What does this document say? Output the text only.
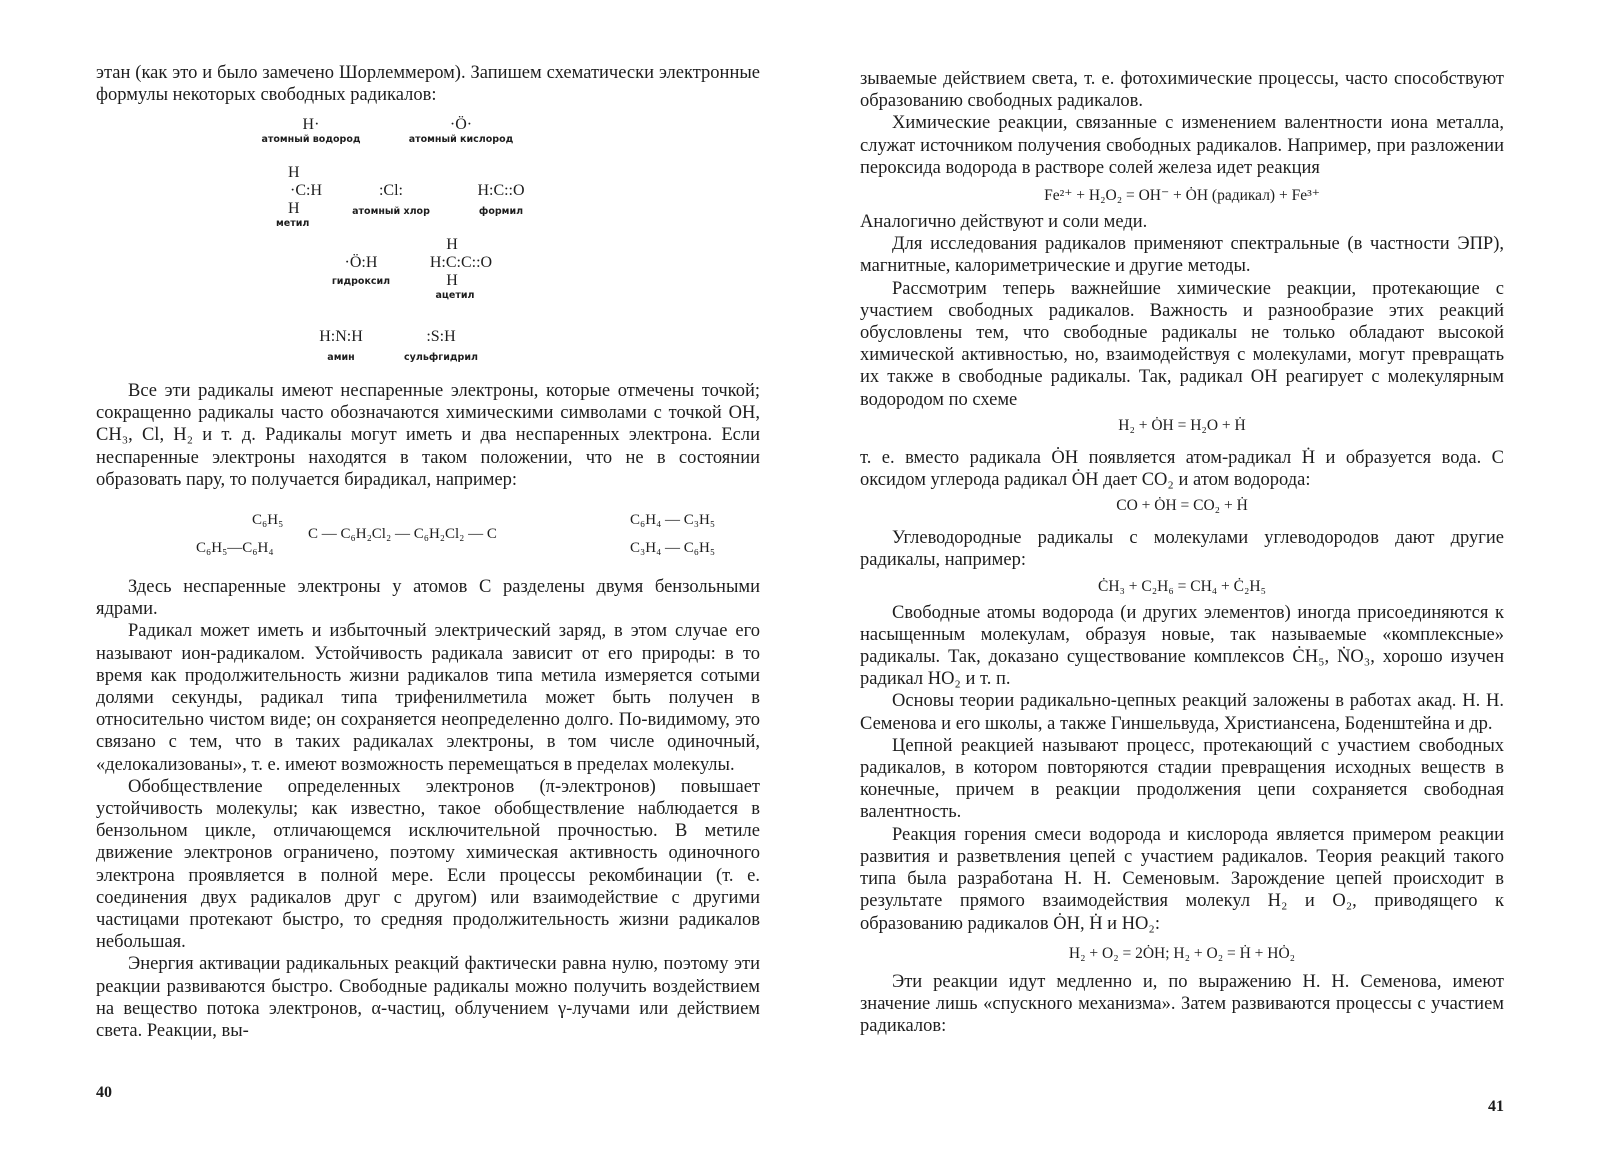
этан (как это и было замечено Шорлеммером). Запишем схематически электронные формулы некоторых свободных радикалов:

H·
атомный водород
·Ö·
атомный кислород
H
·C:H
H
метил
:Cl:
атомный хлор
H:C::O
формил
·Ö:H
гидроксил
H
H:C:C::O
H
ацетил
H:N:H
амин
:S:H
сульфгидрил

Все эти радикалы имеют неспаренные электроны, которые отмечены точкой; сокращенно радикалы часто обозначаются химическими символами с точкой OH, CH₃, Cl, H₂ и т. д. Радикалы могут иметь и два неспаренных электрона. Если неспаренные электроны находятся в таком положении, что не в состоянии образовать пару, то получается бирадикал, например:

C₆H₅
C₆H₅—C₆H₄
C — C₆H₂Cl₂ — C₆H₂Cl₂ — C
C₆H₄ — C₃H₅
C₃H₄ — C₆H₅

Здесь неспаренные электроны у атомов C разделены двумя бензольными ядрами.

Радикал может иметь и избыточный электрический заряд, в этом случае его называют ион-радикалом. Устойчивость радикала зависит от его природы: в то время как продолжительность жизни радикалов типа метила измеряется сотыми долями секунды, радикал типа трифенилметила может быть получен в относительно чистом виде; он сохраняется неопределенно долго. По-видимому, это связано с тем, что в таких радикалах электроны, в том числе одиночный, «делокализованы», т. е. имеют возможность перемещаться в пределах молекулы.

Обобществление определенных электронов (π-электронов) повышает устойчивость молекулы; как известно, такое обобществление наблюдается в бензольном цикле, отличающемся исключительной прочностью. В метиле движение электронов ограничено, поэтому химическая активность одиночного электрона проявляется в полной мере. Если процессы рекомбинации (т. е. соединения двух радикалов друг с другом) или взаимодействие с другими частицами протекают быстро, то средняя продолжительность жизни радикалов небольшая.

Энергия активации радикальных реакций фактически равна нулю, поэтому эти реакции развиваются быстро. Свободные радикалы можно получить воздействием на вещество потока электронов, α-частиц, облучением γ-лучами или действием света. Реакции, вы-

40

зываемые действием света, т. е. фотохимические процессы, часто способствуют образованию свободных радикалов.

Химические реакции, связанные с изменением валентности иона металла, служат источником получения свободных радикалов. Например, при разложении пероксида водорода в растворе солей железа идет реакция

Fe²⁺ + H₂O₂ = OH⁻ + ȮH (радикал) + Fe³⁺

Аналогично действуют и соли меди.

Для исследования радикалов применяют спектральные (в частности ЭПР), магнитные, калориметрические и другие методы.

Рассмотрим теперь важнейшие химические реакции, протекающие с участием свободных радикалов. Важность и разнообразие этих реакций обусловлены тем, что свободные радикалы не только обладают высокой химической активностью, но, взаимодействуя с молекулами, могут превращать их также в свободные радикалы. Так, радикал OH реагирует с молекулярным водородом по схеме

H₂ + ȮH = H₂O + Ḣ

т. е. вместо радикала ȮH появляется атом-радикал Ḣ и образуется вода. С оксидом углерода радикал ȮH дает CO₂ и атом водорода:

CO + ȮH = CO₂ + Ḣ

Углеводородные радикалы с молекулами углеводородов дают другие радикалы, например:

ĊH₃ + C₂H₆ = CH₄ + Ċ₂H₅

Свободные атомы водорода (и других элементов) иногда присоединяются к насыщенным молекулам, образуя новые, так называемые «комплексные» радикалы. Так, доказано существование комплексов ĊH₅, ṄO₃, хорошо изучен радикал HO₂ и т. п.

Основы теории радикально-цепных реакций заложены в работах акад. Н. Н. Семенова и его школы, а также Гиншельвуда, Христиансена, Боденштейна и др.

Цепной реакцией называют процесс, протекающий с участием свободных радикалов, в котором повторяются стадии превращения исходных веществ в конечные, причем в реакции продолжения цепи сохраняется свободная валентность.

Реакция горения смеси водорода и кислорода является примером реакции развития и разветвления цепей с участием радикалов. Теория реакций такого типа была разработана Н. Н. Семеновым. Зарождение цепей происходит в результате прямого взаимодействия молекул H₂ и O₂, приводящего к образованию радикалов ȮH, Ḣ и HO₂:

H₂ + O₂ = 2ȮH; H₂ + O₂ = Ḣ + HȮ₂

Эти реакции идут медленно и, по выражению Н. Н. Семенова, имеют значение лишь «спускного механизма». Затем развиваются процессы с участием радикалов:

41
